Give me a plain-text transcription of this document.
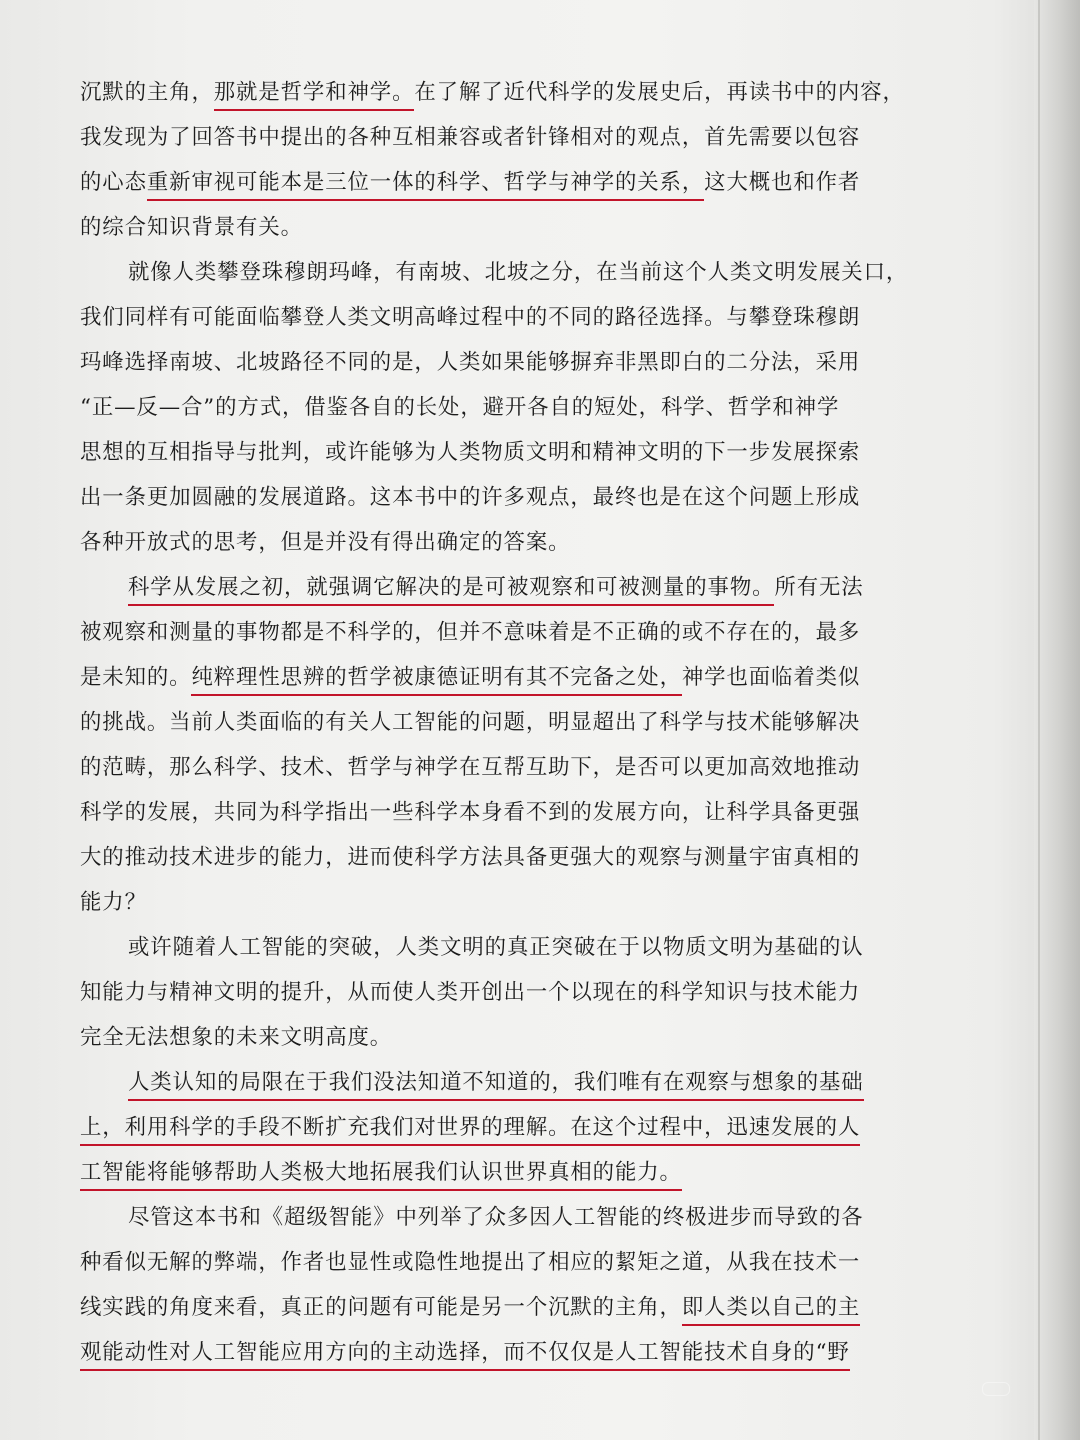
沉默的主角，那就是哲学和神学。在了解了近代科学的发展史后，再读书中的内容，
我发现为了回答书中提出的各种互相兼容或者针锋相对的观点，首先需要以包容
的心态重新审视可能本是三位一体的科学、哲学与神学的关系，这大概也和作者
的综合知识背景有关。
就像人类攀登珠穆朗玛峰，有南坡、北坡之分，在当前这个人类文明发展关口，
我们同样有可能面临攀登人类文明高峰过程中的不同的路径选择。与攀登珠穆朗
玛峰选择南坡、北坡路径不同的是，人类如果能够摒弃非黑即白的二分法，采用
“正—反—合”的方式，借鉴各自的长处，避开各自的短处，科学、哲学和神学
思想的互相指导与批判，或许能够为人类物质文明和精神文明的下一步发展探索
出一条更加圆融的发展道路。这本书中的许多观点，最终也是在这个问题上形成
各种开放式的思考，但是并没有得出确定的答案。
科学从发展之初，就强调它解决的是可被观察和可被测量的事物。所有无法
被观察和测量的事物都是不科学的，但并不意味着是不正确的或不存在的，最多
是未知的。纯粹理性思辨的哲学被康德证明有其不完备之处，神学也面临着类似
的挑战。当前人类面临的有关人工智能的问题，明显超出了科学与技术能够解决
的范畴，那么科学、技术、哲学与神学在互帮互助下，是否可以更加高效地推动
科学的发展，共同为科学指出一些科学本身看不到的发展方向，让科学具备更强
大的推动技术进步的能力，进而使科学方法具备更强大的观察与测量宇宙真相的
能力？
或许随着人工智能的突破，人类文明的真正突破在于以物质文明为基础的认
知能力与精神文明的提升，从而使人类开创出一个以现在的科学知识与技术能力
完全无法想象的未来文明高度。
人类认知的局限在于我们没法知道不知道的，我们唯有在观察与想象的基础
上，利用科学的手段不断扩充我们对世界的理解。在这个过程中，迅速发展的人
工智能将能够帮助人类极大地拓展我们认识世界真相的能力。
尽管这本书和《超级智能》中列举了众多因人工智能的终极进步而导致的各
种看似无解的弊端，作者也显性或隐性地提出了相应的絜矩之道，从我在技术一
线实践的角度来看，真正的问题有可能是另一个沉默的主角，即人类以自己的主
观能动性对人工智能应用方向的主动选择，而不仅仅是人工智能技术自身的“野
